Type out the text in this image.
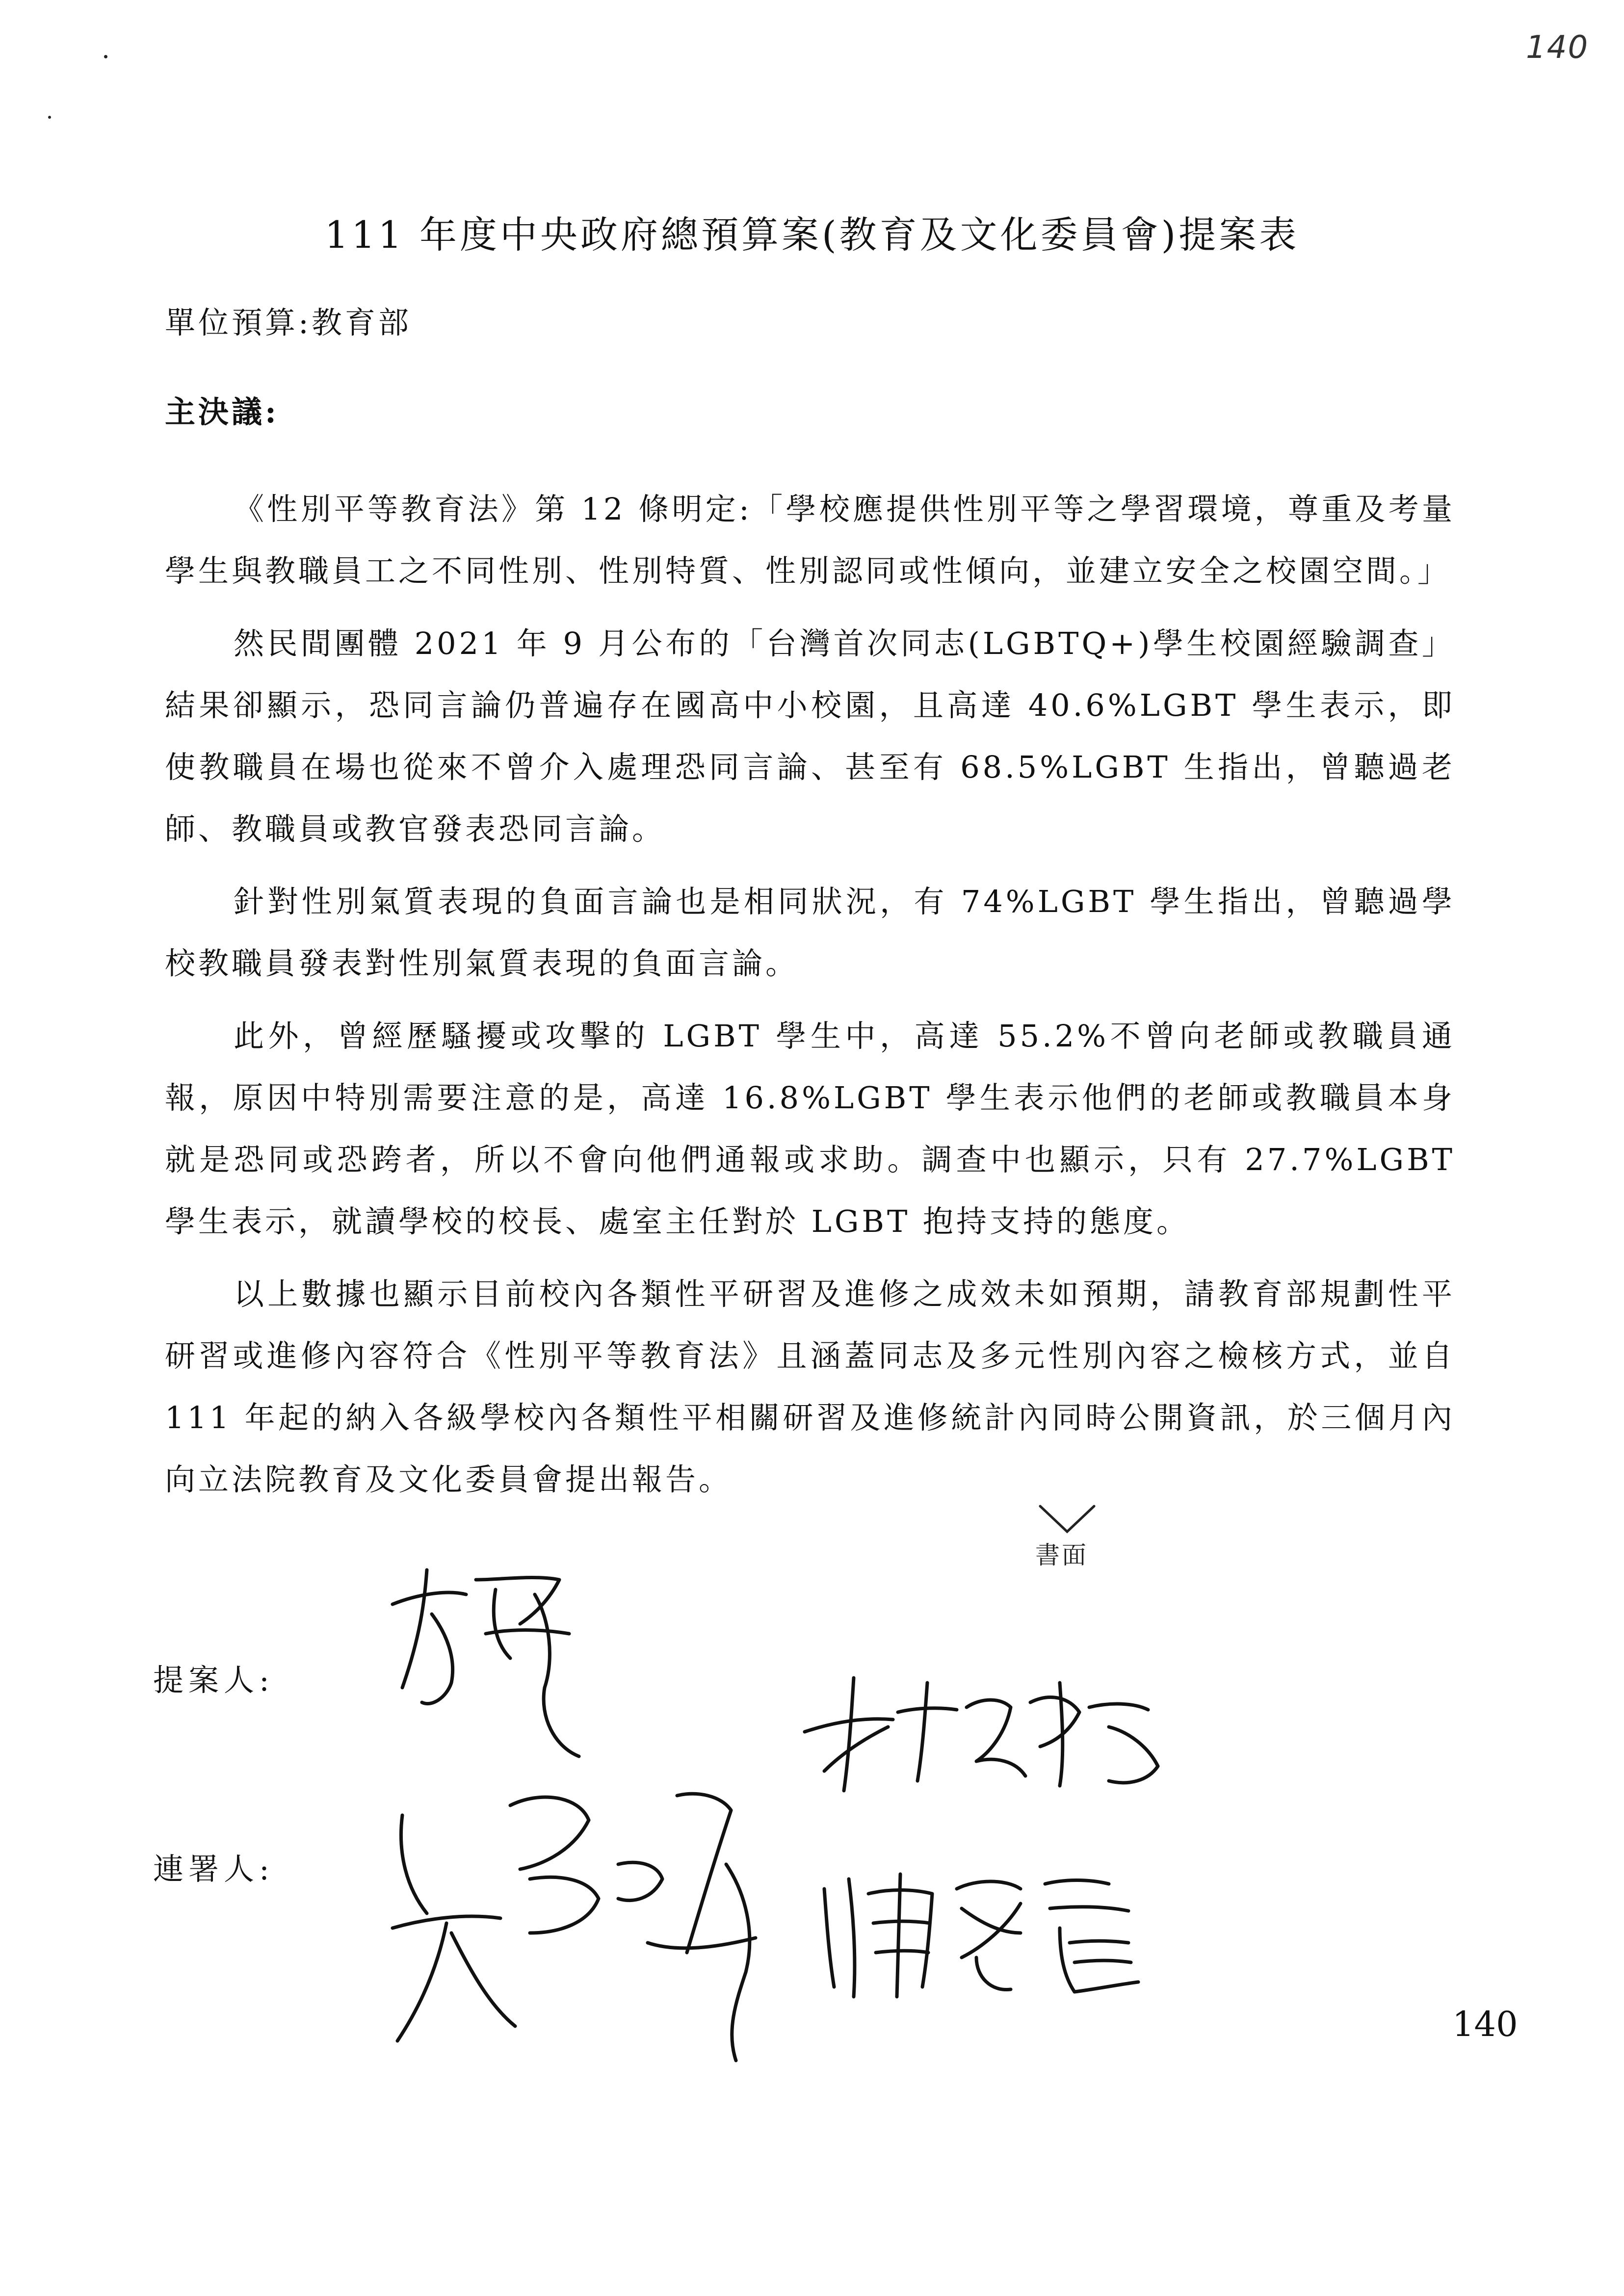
140
111 年度中央政府總預算案(教育及文化委員會)提案表
單位預算:教育部
主決議:

《性別平等教育法》第 12 條明定:「學校應提供性別平等之學習環境，尊重及考量學生與教職員工之不同性別、性別特質、性別認同或性傾向，並建立安全之校園空間。」

然民間團體 2021 年 9 月公布的「台灣首次同志(LGBTQ+)學生校園經驗調查」結果卻顯示，恐同言論仍普遍存在國高中小校園，且高達 40.6%LGBT 學生表示，即使教職員在場也從來不曾介入處理恐同言論、甚至有 68.5%LGBT 生指出，曾聽過老師、教職員或教官發表恐同言論。

針對性別氣質表現的負面言論也是相同狀況，有 74%LGBT 學生指出，曾聽過學校教職員發表對性別氣質表現的負面言論。

此外，曾經歷騷擾或攻擊的 LGBT 學生中，高達 55.2%不曾向老師或教職員通報，原因中特別需要注意的是，高達 16.8%LGBT 學生表示他們的老師或教職員本身就是恐同或恐跨者，所以不會向他們通報或求助。調查中也顯示，只有 27.7%LGBT 學生表示，就讀學校的校長、處室主任對於 LGBT 抱持支持的態度。

以上數據也顯示目前校內各類性平研習及進修之成效未如預期，請教育部規劃性平研習或進修內容符合《性別平等教育法》且涵蓋同志及多元性別內容之檢核方式，並自 111 年起的納入各級學校內各類性平相關研習及進修統計內同時公開資訊，於三個月內向立法院教育及文化委員會提出報告。

書面
提案人:
連署人:
140
